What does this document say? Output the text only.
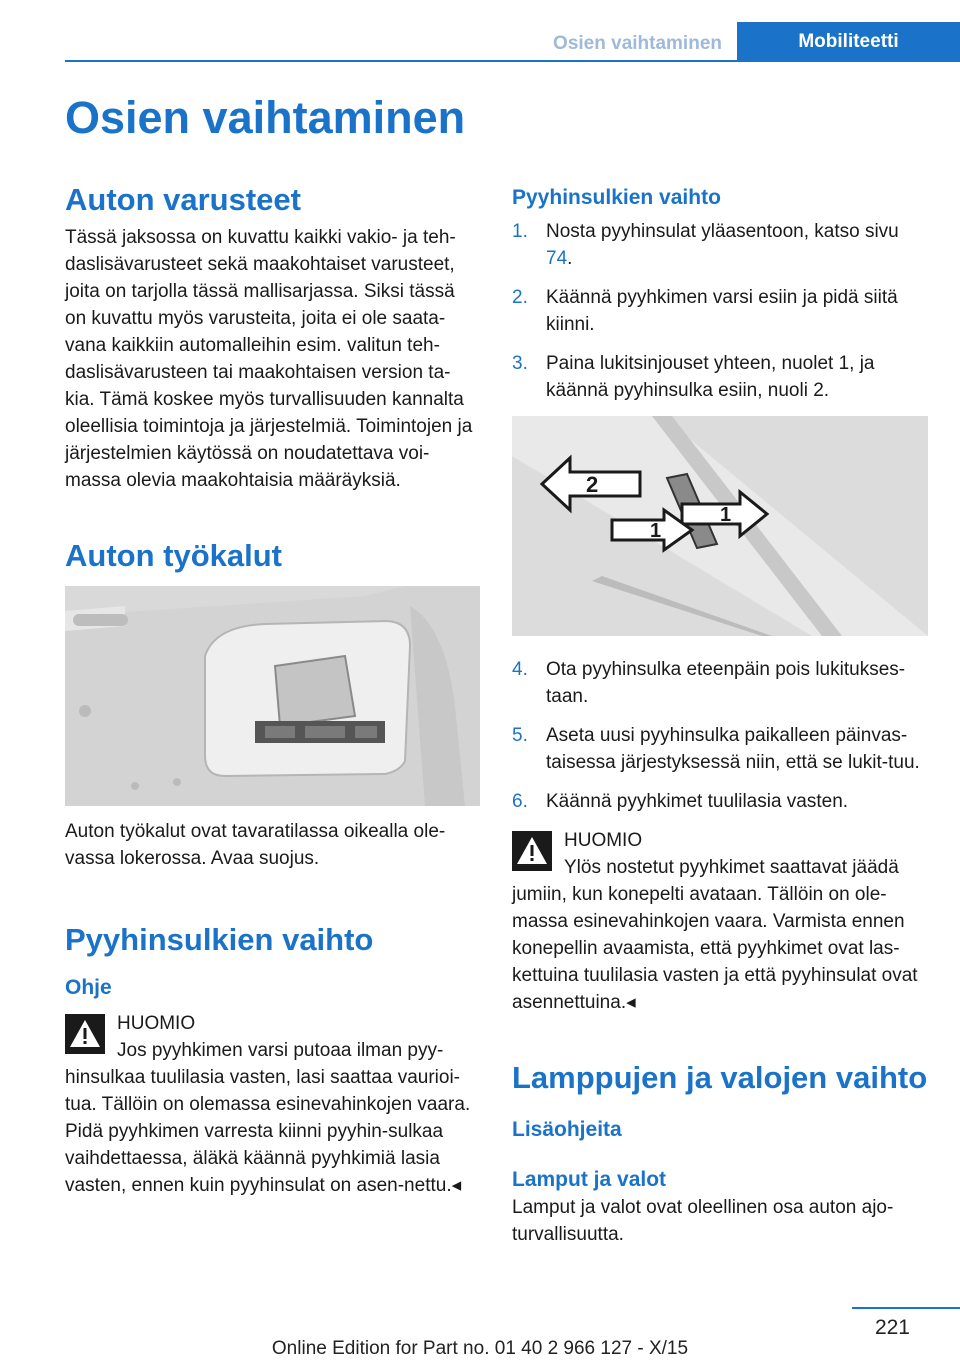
Osien vaihtaminen	Mobiliteetti
Osien vaihtaminen
Auton varusteet

Tässä jaksossa on kuvattu kaikki vakio- ja teh-daslisävarusteet sekä maakohtaiset varusteet, joita on tarjolla tässä mallisarjassa. Siksi tässä on kuvattu myös varusteita, joita ei ole saata-vana kaikkiin automalleihin esim. valitun teh-daslisävarusteen tai maakohtaisen version ta-kia. Tämä koskee myös turvallisuuden kannalta oleellisia toimintoja ja järjestelmiä. Toimintojen ja järjestelmien käytössä on noudatettava voi-massa olevia maakohtaisia määräyksiä.

Auton työkalut

Auton työkalut ovat tavaratilassa oikealla ole-vassa lokerossa. Avaa suojus.

Pyyhinsulkien vaihto
Ohje
HUOMIO
Jos pyyhkimen varsi putoaa ilman pyy-
hinsulkaa tuulilasia vasten, lasi saattaa vaurioi-tua. Tällöin on olemassa esinevahinkojen vaara. Pidä pyyhkimen varresta kiinni pyyhin-sulkaa vaihdettaessa, äläkä käännä pyyhkimiä lasia vasten, ennen kuin pyyhinsulat on asen-nettu.◂
Pyyhinsulkien vaihto
1. Nosta pyyhinsulat yläasentoon, katso sivu 74.
2. Käännä pyyhkimen varsi esiin ja pidä siitä kiinni.
3. Paina lukitsinjouset yhteen, nuolet 1, ja käännä pyyhinsulka esiin, nuoli 2.
2
1
1
4. Ota pyyhinsulka eteenpäin pois lukitukses-taan.
5. Aseta uusi pyyhinsulka paikalleen päinvas-taisessa järjestyksessä niin, että se lukit-tuu.
6. Käännä pyyhkimet tuulilasia vasten.
HUOMIO
Ylös nostetut pyyhkimet saattavat jäädä
jumiin, kun konepelti avataan. Tällöin on ole-massa esinevahinkojen vaara. Varmista ennen konepellin avaamista, että pyyhkimet ovat las-kettuina tuulilasia vasten ja että pyyhinsulat ovat asennettuina.◂
Lamppujen ja valojen vaihto
Lisäohjeita
Lamput ja valot

Lamput ja valot ovat oleellinen osa auton ajo-turvallisuutta.

221
Online Edition for Part no. 01 40 2 966 127 - X/15
